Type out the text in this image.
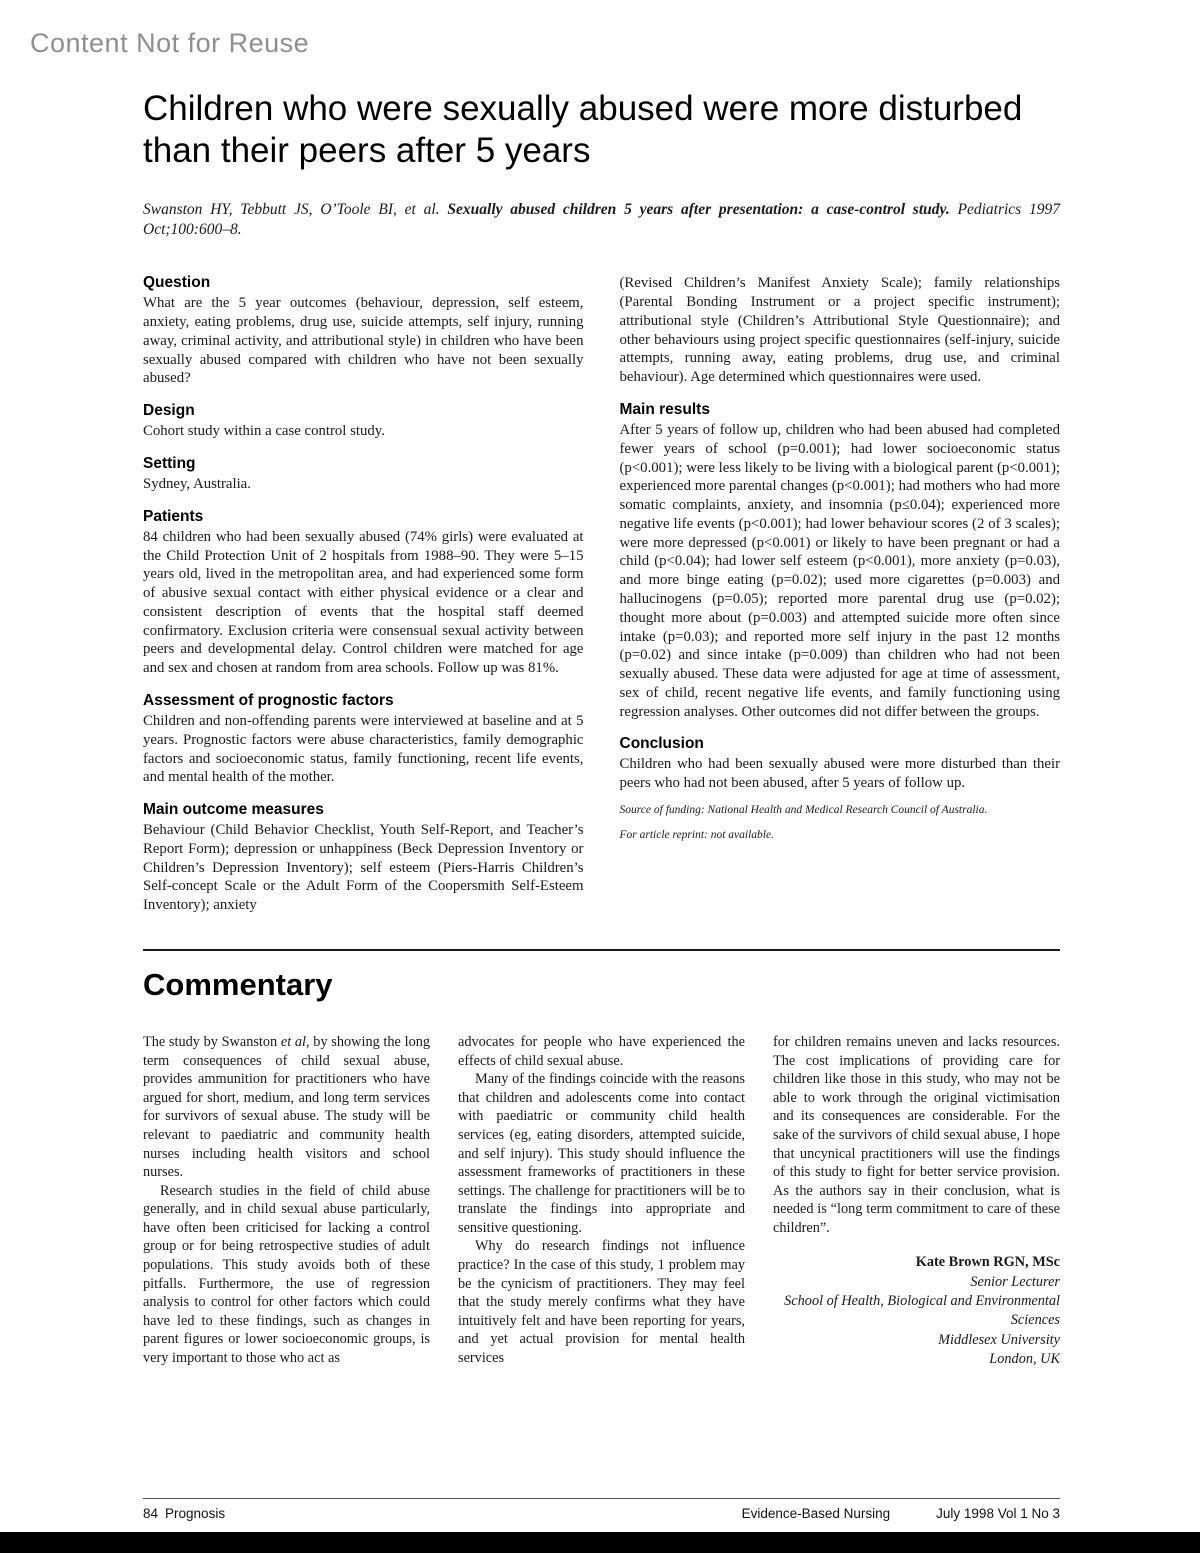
Content Not for Reuse
Children who were sexually abused were more disturbed than their peers after 5 years

Swanston HY, Tebbutt JS, O’Toole BI, et al. Sexually abused children 5 years after presentation: a case-control study. Pediatrics 1997 Oct;100:600–8.

Question

What are the 5 year outcomes (behaviour, depression, self esteem, anxiety, eating problems, drug use, suicide attempts, self injury, running away, criminal activity, and attributional style) in children who have been sexually abused compared with children who have not been sexually abused?

Design

Cohort study within a case control study.

Setting

Sydney, Australia.

Patients

84 children who had been sexually abused (74% girls) were evaluated at the Child Protection Unit of 2 hospitals from 1988–90. They were 5–15 years old, lived in the metropolitan area, and had experienced some form of abusive sexual contact with either physical evidence or a clear and consistent description of events that the hospital staff deemed confirmatory. Exclusion criteria were consensual sexual activity between peers and developmental delay. Control children were matched for age and sex and chosen at random from area schools. Follow up was 81%.

Assessment of prognostic factors

Children and non-offending parents were interviewed at baseline and at 5 years. Prognostic factors were abuse characteristics, family demographic factors and socioeconomic status, family functioning, recent life events, and mental health of the mother.

Main outcome measures

Behaviour (Child Behavior Checklist, Youth Self-Report, and Teacher’s Report Form); depression or unhappiness (Beck Depression Inventory or Children’s Depression Inventory); self esteem (Piers-Harris Children’s Self-concept Scale or the Adult Form of the Coopersmith Self-Esteem Inventory); anxiety

(Revised Children’s Manifest Anxiety Scale); family relationships (Parental Bonding Instrument or a project specific instrument); attributional style (Children’s Attributional Style Questionnaire); and other behaviours using project specific questionnaires (self-injury, suicide attempts, running away, eating problems, drug use, and criminal behaviour). Age determined which questionnaires were used.

Main results

After 5 years of follow up, children who had been abused had completed fewer years of school (p=0.001); had lower socioeconomic status (p<0.001); were less likely to be living with a biological parent (p<0.001); experienced more parental changes (p<0.001); had mothers who had more somatic complaints, anxiety, and insomnia (p≤0.04); experienced more negative life events (p<0.001); had lower behaviour scores (2 of 3 scales); were more depressed (p<0.001) or likely to have been pregnant or had a child (p<0.04); had lower self esteem (p<0.001), more anxiety (p=0.03), and more binge eating (p=0.02); used more cigarettes (p=0.003) and hallucinogens (p=0.05); reported more parental drug use (p=0.02); thought more about (p=0.003) and attempted suicide more often since intake (p=0.03); and reported more self injury in the past 12 months (p=0.02) and since intake (p=0.009) than children who had not been sexually abused. These data were adjusted for age at time of assessment, sex of child, recent negative life events, and family functioning using regression analyses. Other outcomes did not differ between the groups.

Conclusion

Children who had been sexually abused were more disturbed than their peers who had not been abused, after 5 years of follow up.

Source of funding: National Health and Medical Research Council of Australia.

For article reprint: not available.

Commentary

The study by Swanston et al, by showing the long term consequences of child sexual abuse, provides ammunition for practitioners who have argued for short, medium, and long term services for survivors of sexual abuse. The study will be relevant to paediatric and community health nurses including health visitors and school nurses.

Research studies in the field of child abuse generally, and in child sexual abuse particularly, have often been criticised for lacking a control group or for being retrospective studies of adult populations. This study avoids both of these pitfalls. Furthermore, the use of regression analysis to control for other factors which could have led to these findings, such as changes in parent figures or lower socioeconomic groups, is very important to those who act as

advocates for people who have experienced the effects of child sexual abuse.

Many of the findings coincide with the reasons that children and adolescents come into contact with paediatric or community child health services (eg, eating disorders, attempted suicide, and self injury). This study should influence the assessment frameworks of practitioners in these settings. The challenge for practitioners will be to translate the findings into appropriate and sensitive questioning.

Why do research findings not influence practice? In the case of this study, 1 problem may be the cynicism of practitioners. They may feel that the study merely confirms what they have intuitively felt and have been reporting for years, and yet actual provision for mental health services

for children remains uneven and lacks resources. The cost implications of providing care for children like those in this study, who may not be able to work through the original victimisation and its consequences are considerable. For the sake of the survivors of child sexual abuse, I hope that uncynical practitioners will use the findings of this study to fight for better service provision. As the authors say in their conclusion, what is needed is “long term commitment to care of these children”.

Kate Brown RGN, MSc
Senior Lecturer
School of Health, Biological and Environmental Sciences
Middlesex University
London, UK
84 Prognosis	Evidence-Based Nursing	July 1998 Vol 1 No 3
